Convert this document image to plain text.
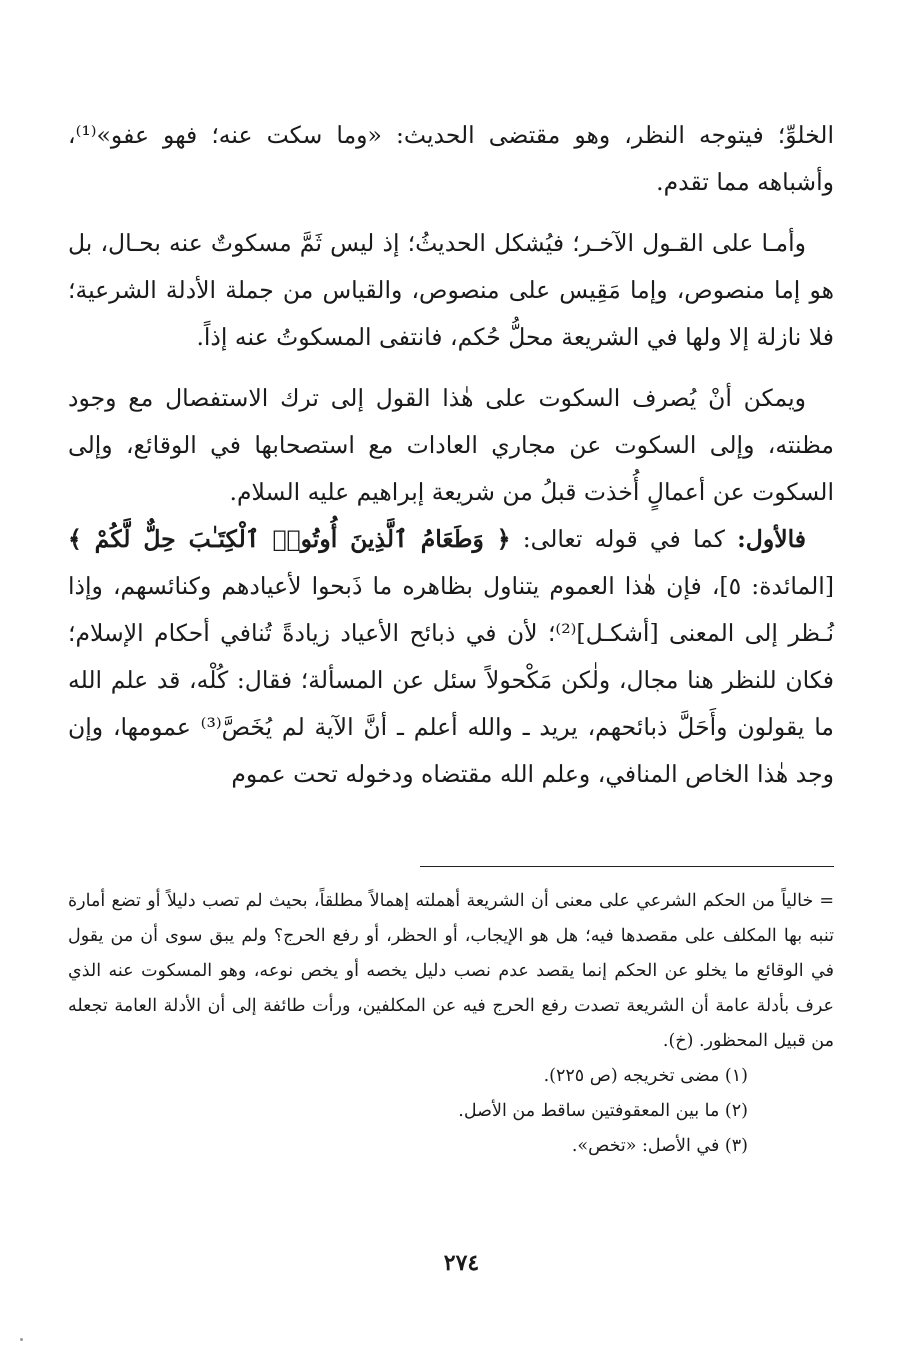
الخلوِّ؛ فيتوجه النظر، وهو مقتضى الحديث: «وما سكت عنه؛ فهو عفو»⁽¹⁾، وأشباهه مما تقدم.

وأمـا على القـول الآخـر؛ فيُشكل الحديثُ؛ إذ ليس ثَمَّ مسكوتٌ عنه بحـال، بل هو إما منصوص، وإما مَقِيس على منصوص، والقياس من جملة الأدلة الشرعية؛ فلا نازلة إلا ولها في الشريعة محلُّ حُكم، فانتفى المسكوتُ عنه إذاً.

ويمكن أنْ يُصرف السكوت على هٰذا القول إلى ترك الاستفصال مع وجود مظنته، وإلى السكوت عن مجاري العادات مع استصحابها في الوقائع، وإلى السكوت عن أعمالٍ أُخذت قبلُ من شريعة إبراهيم عليه السلام.

فالأول: كما في قوله تعالى: ﴿ وَطَعَامُ ٱلَّذِينَ أُوتُوا۟ ٱلْكِتَـٰبَ حِلٌّ لَّكُمْ ﴾ [المائدة: ٥]، فإن هٰذا العموم يتناول بظاهره ما ذَبحوا لأعيادهم وكنائسهم، وإذا نُـظر إلى المعنى [أشكـل]⁽²⁾؛ لأن في ذبائح الأعياد زيادةً تُنافي أحكام الإسلام؛ فكان للنظر هنا مجال، ولٰكن مَكْحولاً سئل عن المسألة؛ فقال: كُلْه، قد علم الله ما يقولون وأَحَلَّ ذبائحهم، يريد ـ والله أعلم ـ أنَّ الآية لم يُخَصَّ⁽³⁾ عمومها، وإن وجد هٰذا الخاص المنافي، وعلم الله مقتضاه ودخوله تحت عموم

=خالياً من الحكم الشرعي على معنى أن الشريعة أهملته إهمالاً مطلقاً، بحيث لم تصب دليلاً أو تضع أمارة تنبه بها المكلف على مقصدها فيه؛ هل هو الإيجاب، أو الحظر، أو رفع الحرج؟ ولم يبق سوى أن من يقول في الوقائع ما يخلو عن الحكم إنما يقصد عدم نصب دليل يخصه أو يخص نوعه، وهو المسكوت عنه الذي عرف بأدلة عامة أن الشريعة تصدت رفع الحرج فيه عن المكلفين، ورأت طائفة إلى أن الأدلة العامة تجعله من قبيل المحظور. (خ).

(١) مضى تخريجه (ص ٢٢٥).

(٢) ما بين المعقوفتين ساقط من الأصل.

(٣) في الأصل: «تخص».

٢٧٤
